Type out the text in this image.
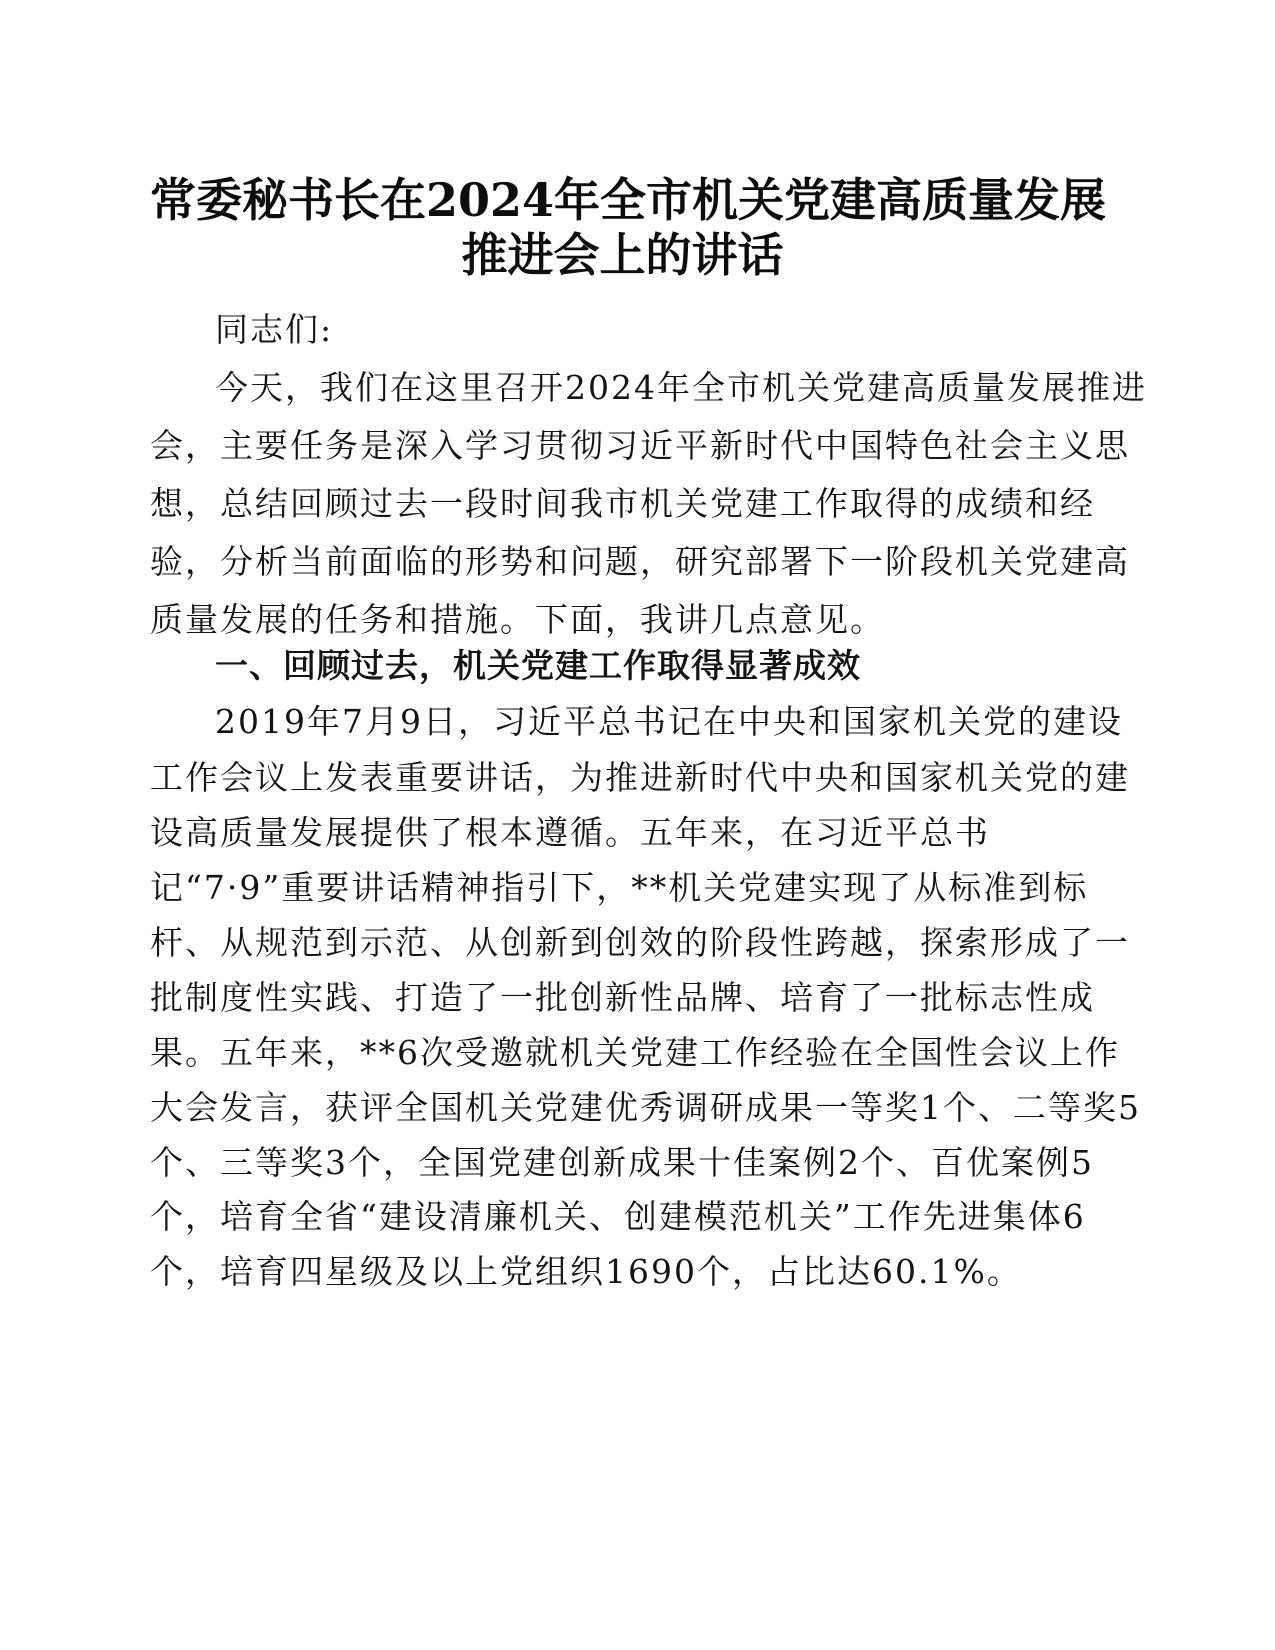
常委秘书长在2024年全市机关党建高质量发展
推进会上的讲话
同志们:
今天，我们在这里召开2024年全市机关党建高质量发展推进
会，主要任务是深入学习贯彻习近平新时代中国特色社会主义思
想，总结回顾过去一段时间我市机关党建工作取得的成绩和经
验，分析当前面临的形势和问题，研究部署下一阶段机关党建高
质量发展的任务和措施。下面，我讲几点意见。
一、回顾过去，机关党建工作取得显著成效
2019年7月9日，习近平总书记在中央和国家机关党的建设
工作会议上发表重要讲话，为推进新时代中央和国家机关党的建
设高质量发展提供了根本遵循。五年来，在习近平总书
记“7·9”重要讲话精神指引下，**机关党建实现了从标准到标
杆、从规范到示范、从创新到创效的阶段性跨越，探索形成了一
批制度性实践、打造了一批创新性品牌、培育了一批标志性成
果。五年来，**6次受邀就机关党建工作经验在全国性会议上作
大会发言，获评全国机关党建优秀调研成果一等奖1个、二等奖5
个、三等奖3个，全国党建创新成果十佳案例2个、百优案例5
个，培育全省“建设清廉机关、创建模范机关”工作先进集体6
个，培育四星级及以上党组织1690个，占比达60.1%。
